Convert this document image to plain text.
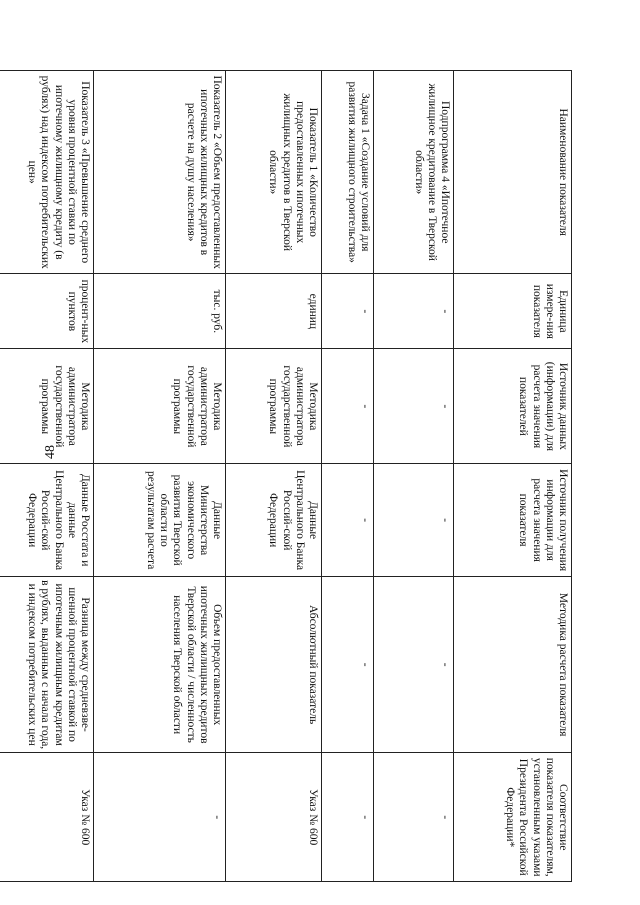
48
Наименование показателя	Единица измере-ния показателя	Источник данных (информации) для расчета значения показателей	Источник получения информации для расчета значения показателя	Методика расчета показателя	Соответствие показателя показателям, установленным указами Президента Российской Федерации*
Подпрограмма 4 «Ипотечное жилищное кредитование в Тверской области»	-	-	-	-	-
Задача 1 «Создание условий для развития жилищного строительства»	-	-	-	-	-
Показатель 1 «Количество предоставленных ипотечных жилищных кредитов в Тверской области»	единиц	Методика администратора государственной программы	Данные Центрального Банка Россий-ской Федерации	Абсолютный показатель	Указ № 600
Показатель 2 «Объем предоставленных ипотечных жилищных кредитов в расчете на душу населения»	тыс. руб.	Методика администратора государственной программы	Данные Министерства экономического развития Тверской области по результатам расчета	Объем предоставленных ипотечных жилищных кредитов Тверской области / численность населения Тверской области	-
Показатель 3 «Превышение среднего уровня процентной ставки по ипотечному жилищному кредиту (в рублях) над индексом потребительских цен»	процент-ных пунктов	Методика администратора государственной программы	Данные Росстата и данные Центрального Банка Россий-ской Федерации	Разница между средневзве-шенной процентной ставкой по ипотечным жилищным кредитам в рублях, выданным с начала года, и индексом потребительских цен	Указ № 600
